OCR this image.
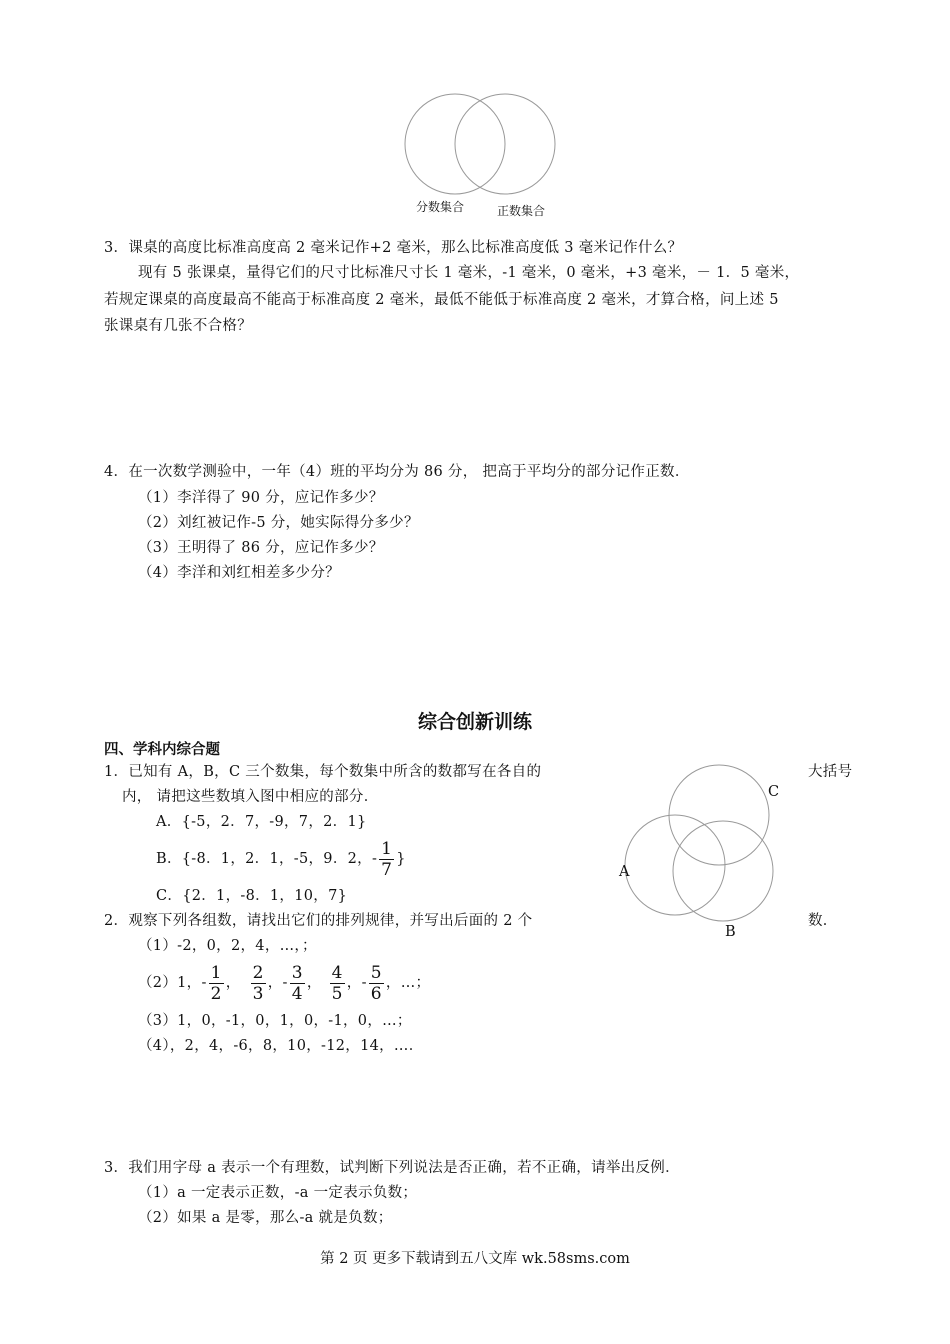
分数集合	正数集合
3．课桌的高度比标准高度高 2 毫米记作+2 毫米，那么比标准高度低 3 毫米记作什么？
现有 5 张课桌，量得它们的尺寸比标准尺寸长 1 毫米，-1 毫米，0 毫米，+3 毫米，－ 1．5 毫米，
若规定课桌的高度最高不能高于标准高度 2 毫米，最低不能低于标准高度 2 毫米，才算合格，问上述 5
张课桌有几张不合格？
4．在一次数学测验中，一年（4）班的平均分为 86 分， 把高于平均分的部分记作正数．
（1）李洋得了 90 分，应记作多少？
（2）刘红被记作-5 分，她实际得分多少？
（3）王明得了 86 分，应记作多少？
（4）李洋和刘红相差多少分？
综合创新训练
四、学科内综合题
1．已知有 A，B，C 三个数集，每个数集中所含的数都写在各自的	大括号
内， 请把这些数填入图中相应的部分．
A．{-5，2．7，-9，7，2．1}
B．{-8．1，2．1，-5，9．2，- $\frac{1}{7}$ }
C．{2．1，-8．1，10，7}
C
A
B
2．观察下列各组数，请找出它们的排列规律，并写出后面的 2 个	数．
（1）-2，0，2，4，…，；
（2）1，- $\frac{1}{2}$ ， $\frac{2}{3}$ ，- $\frac{3}{4}$ ， $\frac{4}{5}$ ，- $\frac{5}{6}$ ，…；
（3）1，0，-1，0，1，0，-1，0，…；
（4），2，4，-6，8，10，-12，14，…．
3．我们用字母 a 表示一个有理数，试判断下列说法是否正确，若不正确，请举出反例．
（1）a 一定表示正数，-a 一定表示负数；
（2）如果 a 是零，那么-a 就是负数；
第 2 页 更多下载请到五八文库 wk.58sms.com
